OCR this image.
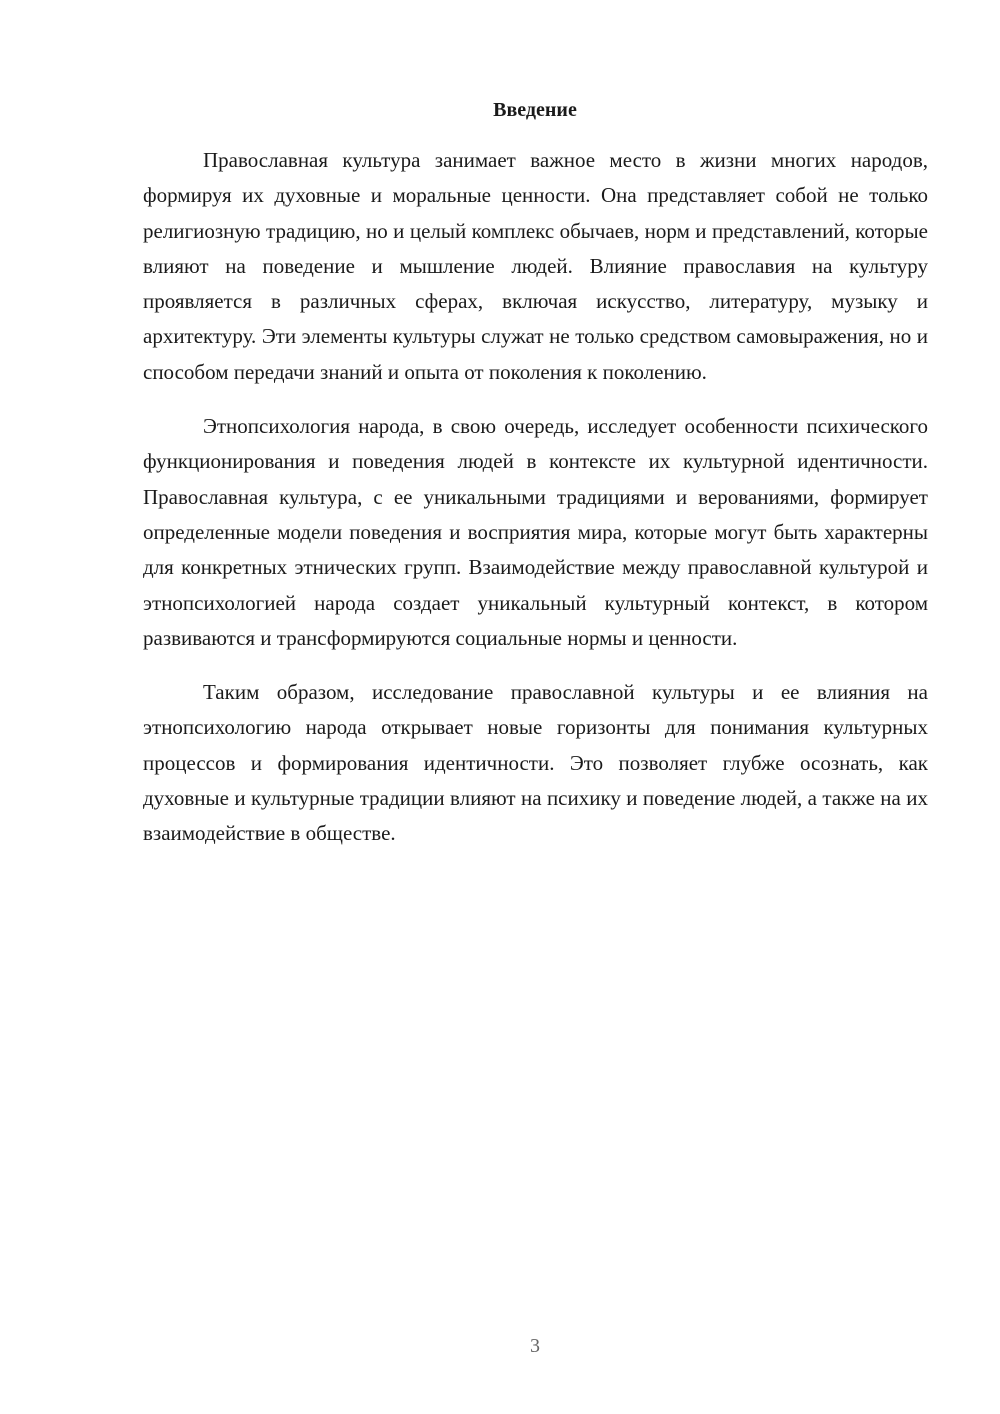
Введение

Православная культура занимает важное место в жизни многих народов, формируя их духовные и моральные ценности. Она представляет собой не только религиозную традицию, но и целый комплекс обычаев, норм и представлений, которые влияют на поведение и мышление людей. Влияние православия на культуру проявляется в различных сферах, включая искусство, литературу, музыку и архитектуру. Эти элементы культуры служат не только средством самовыражения, но и способом передачи знаний и опыта от поколения к поколению.

Этнопсихология народа, в свою очередь, исследует особенности психического функционирования и поведения людей в контексте их культурной идентичности. Православная культура, с ее уникальными традициями и верованиями, формирует определенные модели поведения и восприятия мира, которые могут быть характерны для конкретных этнических групп. Взаимодействие между православной культурой и этнопсихологией народа создает уникальный культурный контекст, в котором развиваются и трансформируются социальные нормы и ценности.

Таким образом, исследование православной культуры и ее влияния на этнопсихологию народа открывает новые горизонты для понимания культурных процессов и формирования идентичности. Это позволяет глубже осознать, как духовные и культурные традиции влияют на психику и поведение людей, а также на их взаимодействие в обществе.

3
